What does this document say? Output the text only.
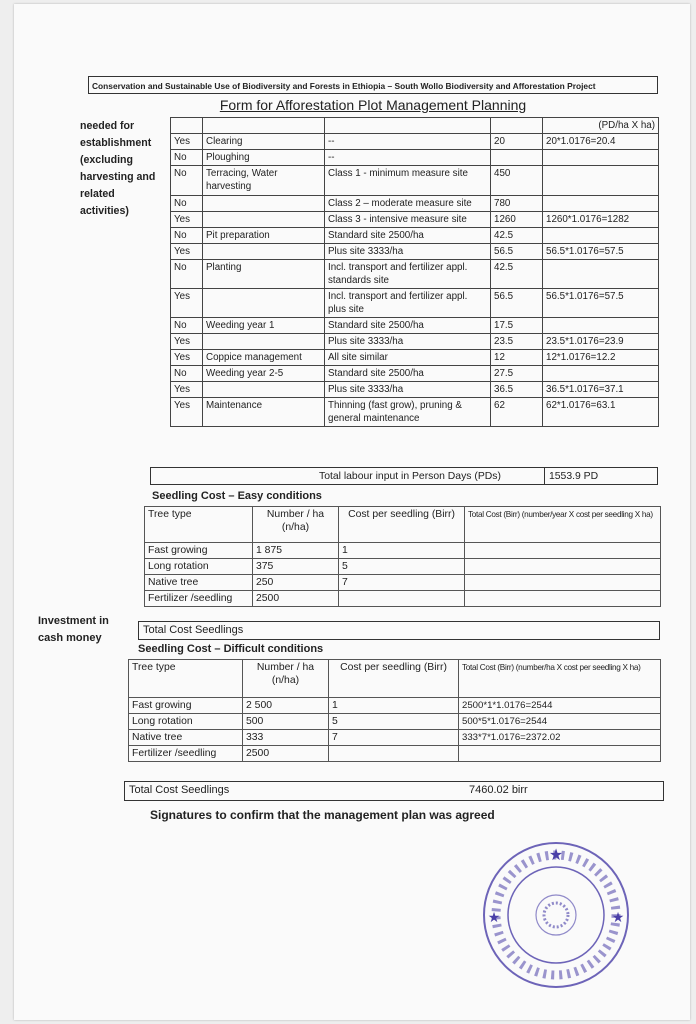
Conservation and Sustainable Use of Biodiversity and Forests in Ethiopia – South Wollo Biodiversity and Afforestation Project
Form for Afforestation Plot Management Planning
needed for
establishment
(excluding
harvesting and
related
activities)
				(PD/ha X ha)
Yes	Clearing	--	20	20*1.0176=20.4
No	Ploughing	--		
No	Terracing, Water harvesting	Class 1 - minimum measure site	450	
No		Class 2 – moderate measure site	780	
Yes		Class 3 - intensive measure site	1260	1260*1.0176=1282
No	Pit preparation	Standard site 2500/ha	42.5	
Yes		Plus site 3333/ha	56.5	56.5*1.0176=57.5
No	Planting	Incl. transport and fertilizer appl. standards site	42.5	
Yes		Incl. transport and fertilizer appl. plus site	56.5	56.5*1.0176=57.5
No	Weeding year 1	Standard site 2500/ha	17.5	
Yes		Plus site 3333/ha	23.5	23.5*1.0176=23.9
Yes	Coppice management	All site similar	12	12*1.0176=12.2
No	Weeding year 2-5	Standard site 2500/ha	27.5	
Yes		Plus site 3333/ha	36.5	36.5*1.0176=37.1
Yes	Maintenance	Thinning (fast grow), pruning & general maintenance	62	62*1.0176=63.1
Total labour input in Person Days (PDs)	1553.9 PD
Investment in
cash money
Seedling Cost – Easy conditions
Tree type	Number / ha (n/ha)	Cost per seedling (Birr)	Total Cost (Birr) (number/year X cost per seedling X ha)
Fast growing	1 875	1	
Long rotation	375	5	
Native tree	250	7	
Fertilizer /seedling	2500		
Total Cost Seedlings
Seedling Cost – Difficult conditions
Tree type	Number / ha (n/ha)	Cost per seedling (Birr)	Total Cost (Birr) (number/ha X cost per seedling X ha)
Fast growing	2 500	1	2500*1*1.0176=2544
Long rotation	500	5	500*5*1.0176=2544
Native tree	333	7	333*7*1.0176=2372.02
Fertilizer /seedling	2500		
Total Cost Seedlings	7460.02 birr
Signatures to confirm that the management plan was agreed
★
★	★
